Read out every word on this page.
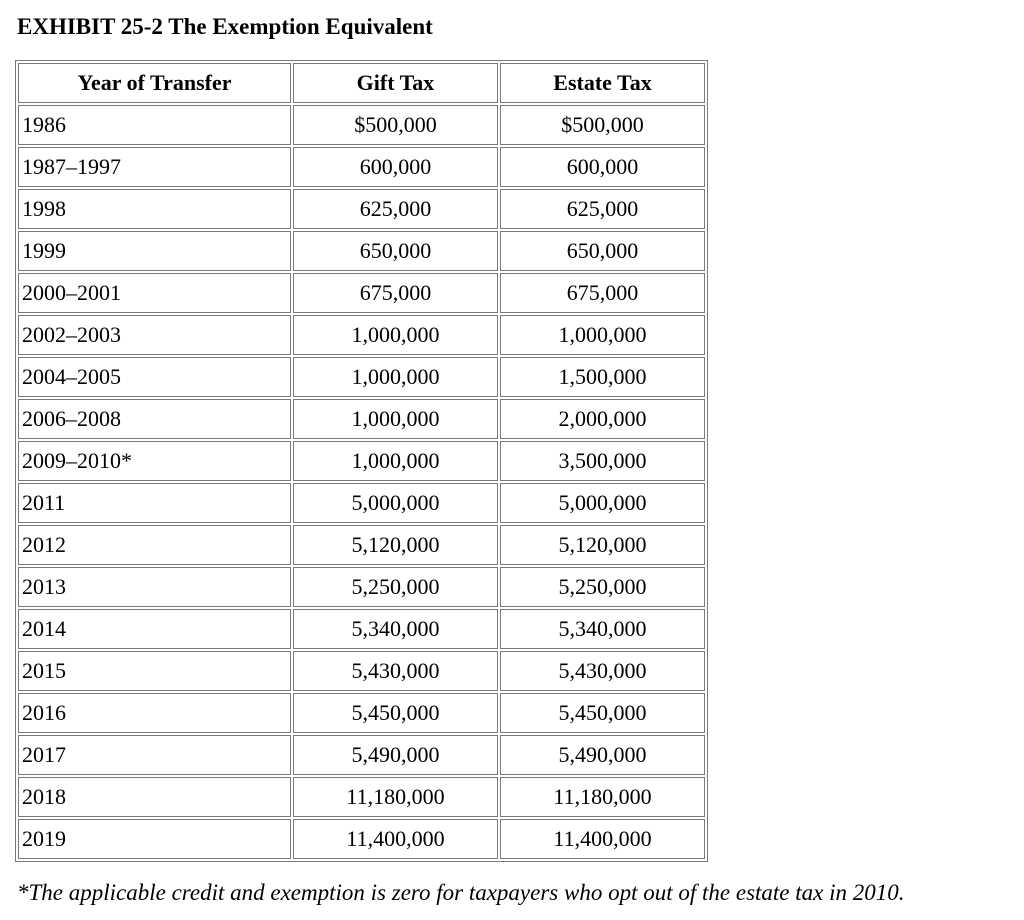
EXHIBIT 25-2 The Exemption Equivalent
Year of Transfer	Gift Tax	Estate Tax
1986	$500,000	$500,000
1987–1997	600,000	600,000
1998	625,000	625,000
1999	650,000	650,000
2000–2001	675,000	675,000
2002–2003	1,000,000	1,000,000
2004–2005	1,000,000	1,500,000
2006–2008	1,000,000	2,000,000
2009–2010*	1,000,000	3,500,000
2011	5,000,000	5,000,000
2012	5,120,000	5,120,000
2013	5,250,000	5,250,000
2014	5,340,000	5,340,000
2015	5,430,000	5,430,000
2016	5,450,000	5,450,000
2017	5,490,000	5,490,000
2018	11,180,000	11,180,000
2019	11,400,000	11,400,000
*The applicable credit and exemption is zero for taxpayers who opt out of the estate tax in 2010.
